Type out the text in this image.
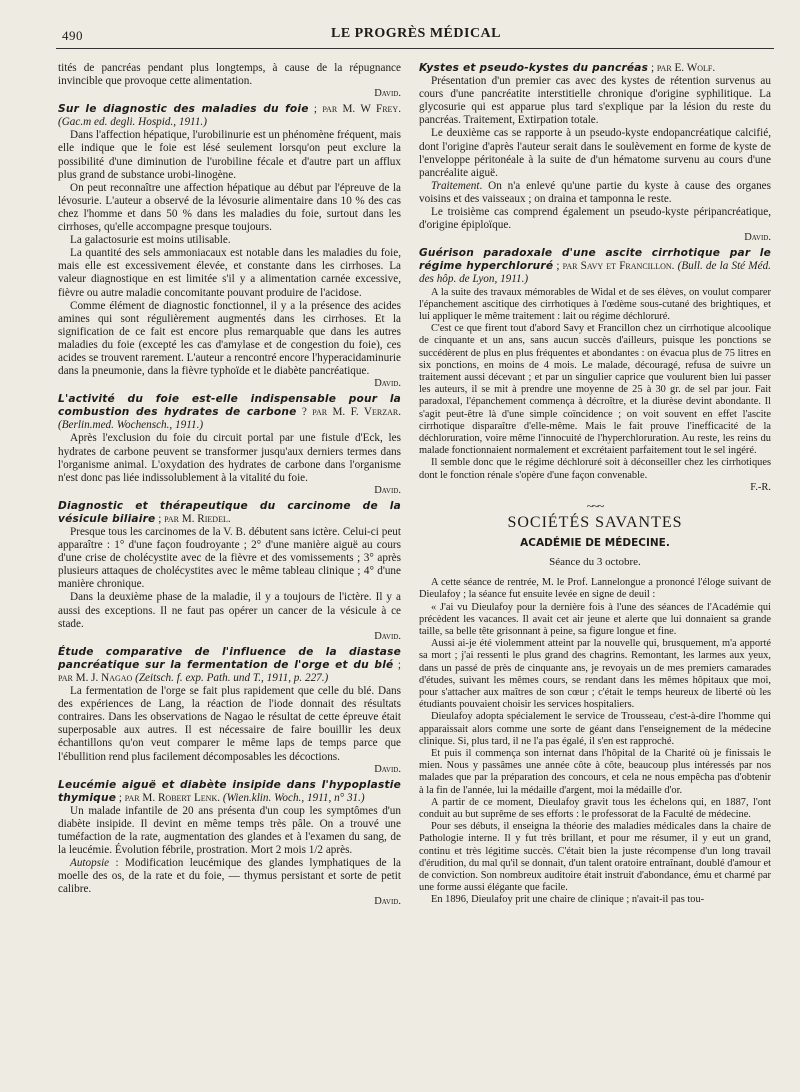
490	LE PROGRÈS MÉDICAL

tités de pancréas pendant plus longtemps, à cause de la répugnance invincible que provoque cette alimentation.

David.

Sur le diagnostic des maladies du foie ; par M. W Frey. (Gac.m ed. degli. Hospid., 1911.)

Dans l'affection hépatique, l'urobilinurie est un phénomène fréquent, mais elle indique que le foie est lésé seulement lorsqu'on peut exclure la possibilité d'une diminution de l'urobiline fécale et d'autre part un afflux plus grand de substance urobi-linogène.

On peut reconnaître une affection hépatique au début par l'épreuve de la lévosurie. L'auteur a observé de la lévosurie alimentaire dans 10 % des cas chez l'homme et dans 50 % dans les maladies du foie, surtout dans les cirrhoses, qu'elle accompagne presque toujours.

La galactosurie est moins utilisable.

La quantité des sels ammoniacaux est notable dans les maladies du foie, mais elle est excessivement élevée, et constante dans les cirrhoses. La valeur diagnostique en est limitée s'il y a alimentation carnée excessive, fièvre ou autre maladie concomitante pouvant produire de l'acidose.

Comme élément de diagnostic fonctionnel, il y a la présence des acides amines qui sont régulièrement augmentés dans les cirrhoses. Et la signification de ce fait est encore plus remarquable que dans les autres maladies du foie (excepté les cas d'amylase et de congestion du foie), ces acides se trouvent rarement. L'auteur a rencontré encore l'hyperacidaminurie dans la pneumonie, dans la fièvre typhoïde et le diabète pancréatique.

David.

L'activité du foie est-elle indispensable pour la combustion des hydrates de carbone ? par M. F. Verzar. (Berlin.med. Wochensch., 1911.)

Après l'exclusion du foie du circuit portal par une fistule d'Eck, les hydrates de carbone peuvent se transformer jusqu'aux derniers termes dans l'organisme animal. L'oxydation des hydrates de carbone dans l'organisme n'est donc pas liée indissolublement à la vitalité du foie.

David.

Diagnostic et thérapeutique du carcinome de la vésicule biliaire ; par M. Riedel.

Presque tous les carcinomes de la V. B. débutent sans ictère. Celui-ci peut apparaître : 1° d'une façon foudroyante ; 2° d'une manière aiguë au cours d'une crise de cholécystite avec de la fièvre et des vomissements ; 3° après plusieurs attaques de cholécystites avec le même tableau clinique ; 4° d'une manière chronique.

Dans la deuxième phase de la maladie, il y a toujours de l'ictère. Il y a aussi des exceptions. Il ne faut pas opérer un cancer de la vésicule à ce stade.

David.

Étude comparative de l'influence de la diastase pancréatique sur la fermentation de l'orge et du blé ; par M. J. Nagao (Zeitsch. f. exp. Path. und T., 1911, p. 227.)

La fermentation de l'orge se fait plus rapidement que celle du blé. Dans des expériences de Lang, la réaction de l'iode donnait des résultats contraires. Dans les observations de Nagao le résultat de cette épreuve était superposable aux autres. Il est nécessaire de faire bouillir les deux échantillons qu'on veut comparer le même laps de temps parce que l'ébullition rend plus facilement décomposables les décoctions.

David.

Leucémie aiguë et diabète insipide dans l'hypoplastie thymique ; par M. Robert Lenk. (Wien.klin. Woch., 1911, n° 31.)

Un malade infantile de 20 ans présenta d'un coup les symptômes d'un diabète insipide. Il devint en même temps très pâle. On a trouvé une tuméfaction de la rate, augmentation des glandes et à l'examen du sang, de la leucémie. Évolution fébrile, prostration. Mort 2 mois 1/2 après.

Autopsie : Modification leucémique des glandes lymphatiques de la moelle des os, de la rate et du foie, — thymus persistant et sorte de petit calibre.

David.

Kystes et pseudo-kystes du pancréas ; par E. Wolf.

Présentation d'un premier cas avec des kystes de rétention survenus au cours d'une pancréatite interstitielle chronique d'origine syphilitique. La glycosurie qui est apparue plus tard s'explique par la lésion du reste du pancréas. Traitement, Extirpation totale.

Le deuxième cas se rapporte à un pseudo-kyste endopancréatique calcifié, dont l'origine d'après l'auteur serait dans le soulèvement en forme de kyste de l'enveloppe péritonéale à la suite de d'un hématome survenu au cours d'une pancréalite aiguë.

Traitement. On n'a enlevé qu'une partie du kyste à cause des organes voisins et des vaisseaux ; on draina et tamponna le reste.

Le troisième cas comprend également un pseudo-kyste péripancréatique, d'origine épiploïque.

David.

Guérison paradoxale d'une ascite cirrhotique par le régime hyperchloruré ; par Savy et Francillon. (Bull. de la Sté Méd. des hôp. de Lyon, 1911.)

A la suite des travaux mémorables de Widal et de ses élèves, on voulut comparer l'épanchement ascitique des cirrhotiques à l'œdème sous-cutané des brightiques, et lui appliquer le même traitement : lait ou régime déchloruré.

C'est ce que firent tout d'abord Savy et Francillon chez un cirrhotique alcoolique de cinquante et un ans, sans aucun succès d'ailleurs, puisque les ponctions se succédèrent de plus en plus fréquentes et abondantes : on évacua plus de 75 litres en six ponctions, en moins de 4 mois. Le malade, découragé, refusa de suivre un traitement aussi décevant ; et par un singulier caprice que voulurent bien lui passer les auteurs, il se mit à prendre une moyenne de 25 à 30 gr. de sel par jour. Fait paradoxal, l'épanchement commença à décroître, et la diurèse devint abondante. Il s'agit peut-être là d'une simple coïncidence ; on voit souvent en effet l'ascite cirrhotique disparaître d'elle-même. Mais le fait prouve l'inefficacité de la déchloruration, voire même l'innocuité de l'hyperchloruration. Au reste, les reins du malade fonctionnaient normalement et excrétaient parfaitement tout le sel ingéré.

Il semble donc que le régime déchloruré soit à déconseiller chez les cirrhotiques dont le fonction rénale s'opère d'une façon convenable.

F.-R.
~~~
SOCIÉTÉS SAVANTES
ACADÉMIE DE MÉDECINE.
Séance du 3 octobre.

A cette séance de rentrée, M. le Prof. Lannelongue a prononcé l'éloge suivant de Dieulafoy ; la séance fut ensuite levée en signe de deuil :

« J'ai vu Dieulafoy pour la dernière fois à l'une des séances de l'Académie qui précèdent les vacances. Il avait cet air jeune et alerte que lui donnaient sa grande taille, sa belle tête grisonnant à peine, sa figure longue et fine.

Aussi ai-je été violemment atteint par la nouvelle qui, brusquement, m'a apporté sa mort ; j'ai ressenti le plus grand des chagrins. Remontant, les larmes aux yeux, dans un passé de près de cinquante ans, je revoyais un de mes premiers camarades d'études, suivant les mêmes cours, se rendant dans les mêmes hôpitaux que moi, pour s'attacher aux maîtres de son cœur ; c'était le temps heureux de liberté où les étudiants pouvaient choisir les services hospitaliers.

Dieulafoy adopta spécialement le service de Trousseau, c'est-à-dire l'homme qui apparaissait alors comme une sorte de géant dans l'enseignement de la médecine clinique. Si, plus tard, il ne l'a pas égalé, il s'en est rapproché.

Et puis il commença son internat dans l'hôpital de la Charité où je finissais le mien. Nous y passâmes une année côte à côte, beaucoup plus intéressés par nos malades que par la préparation des concours, et cela ne nous empêcha pas d'obtenir à la fin de l'année, lui la médaille d'argent, moi la médaille d'or.

A partir de ce moment, Dieulafoy gravit tous les échelons qui, en 1887, l'ont conduit au but suprême de ses efforts : le professorat de la Faculté de médecine.

Pour ses débuts, il enseigna la théorie des maladies médicales dans la chaire de Pathologie interne. Il y fut très brillant, et pour me résumer, il y eut un grand, continu et très légitime succès. C'était bien la juste récompense d'un long travail d'érudition, du mal qu'il se donnait, d'un talent oratoire entraînant, doublé d'amour et de conviction. Son nombreux auditoire était instruit d'abondance, ému et charmé par une forme aussi élégante que facile.

En 1896, Dieulafoy prit une chaire de clinique ; n'avait-il pas tou-
